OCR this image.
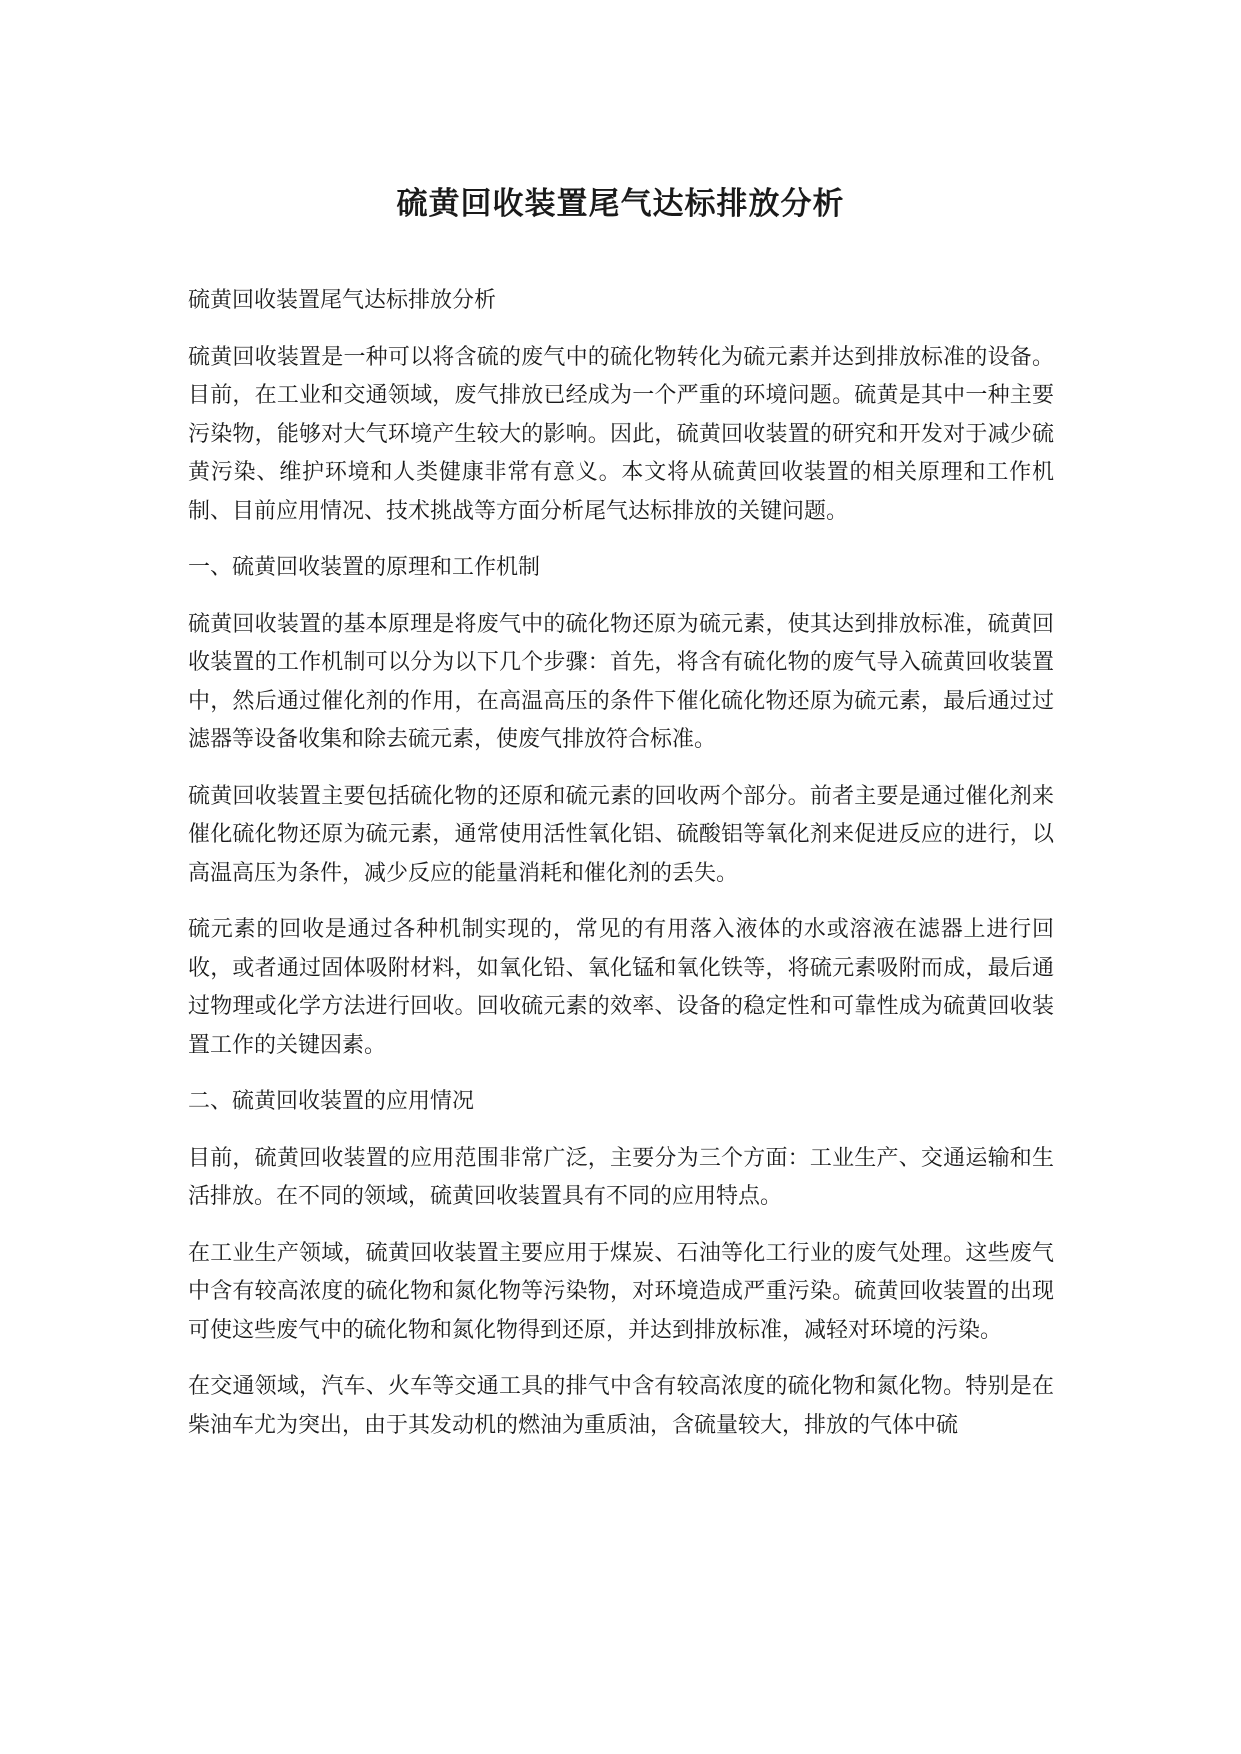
硫黄回收装置尾气达标排放分析

硫黄回收装置尾气达标排放分析

硫黄回收装置是一种可以将含硫的废气中的硫化物转化为硫元素并达到排放标准的设备。目前，在工业和交通领域，废气排放已经成为一个严重的环境问题。硫黄是其中一种主要污染物，能够对大气环境产生较大的影响。因此，硫黄回收装置的研究和开发对于减少硫黄污染、维护环境和人类健康非常有意义。本文将从硫黄回收装置的相关原理和工作机制、目前应用情况、技术挑战等方面分析尾气达标排放的关键问题。

一、硫黄回收装置的原理和工作机制

硫黄回收装置的基本原理是将废气中的硫化物还原为硫元素，使其达到排放标准，硫黄回收装置的工作机制可以分为以下几个步骤：首先，将含有硫化物的废气导入硫黄回收装置中，然后通过催化剂的作用，在高温高压的条件下催化硫化物还原为硫元素，最后通过过滤器等设备收集和除去硫元素，使废气排放符合标准。

硫黄回收装置主要包括硫化物的还原和硫元素的回收两个部分。前者主要是通过催化剂来催化硫化物还原为硫元素，通常使用活性氧化铝、硫酸铝等氧化剂来促进反应的进行，以高温高压为条件，减少反应的能量消耗和催化剂的丢失。

硫元素的回收是通过各种机制实现的，常见的有用落入液体的水或溶液在滤器上进行回收，或者通过固体吸附材料，如氧化铅、氧化锰和氧化铁等，将硫元素吸附而成，最后通过物理或化学方法进行回收。回收硫元素的效率、设备的稳定性和可靠性成为硫黄回收装置工作的关键因素。

二、硫黄回收装置的应用情况

目前，硫黄回收装置的应用范围非常广泛，主要分为三个方面：工业生产、交通运输和生活排放。在不同的领域，硫黄回收装置具有不同的应用特点。

在工业生产领域，硫黄回收装置主要应用于煤炭、石油等化工行业的废气处理。这些废气中含有较高浓度的硫化物和氮化物等污染物，对环境造成严重污染。硫黄回收装置的出现可使这些废气中的硫化物和氮化物得到还原，并达到排放标准，减轻对环境的污染。

在交通领域，汽车、火车等交通工具的排气中含有较高浓度的硫化物和氮化物。特别是在柴油车尤为突出，由于其发动机的燃油为重质油，含硫量较大，排放的气体中硫
